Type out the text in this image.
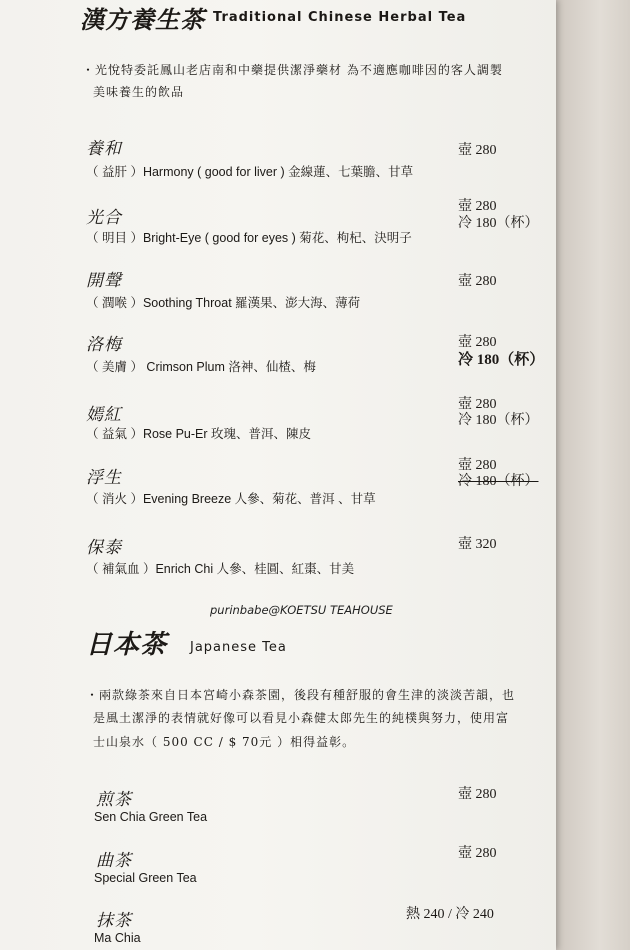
漢方養生茶 Traditional Chinese Herbal Tea
・光悅特委託鳳山老店南和中藥提供潔淨藥材 為不適應咖啡因的客人調製
美味養生的飲品
養和
（ 益肝 ）Harmony ( good for liver ) 金線蓮、七葉膽、甘草
壺 280
光合
（ 明目 ）Bright-Eye ( good for eyes ) 菊花、枸杞、決明子
壺 280
冷 180（杯）
開聲
（ 潤喉 ）Soothing Throat 羅漢果、澎大海、薄荷
壺 280
洛梅
（ 美膚 ） Crimson Plum 洛神、仙楂、梅
壺 280
冷 180（杯）
嫣紅
（ 益氣 ）Rose Pu-Er 玫瑰、普洱、陳皮
壺 280
冷 180（杯）
浮生
（ 消火 ）Evening Breeze 人參、菊花、普洱 、甘草
壺 280
冷 180（杯）
保泰
（ 補氣血 ）Enrich Chi 人參、桂圓、紅棗、甘美
壺 320
purinbabe@KOETSU TEAHOUSE
日本茶 Japanese Tea
・兩款綠茶來自日本宮崎小森茶園，後段有種舒服的會生津的淡淡苦韻，也
是風土潔淨的表情就好像可以看見小森健太郎先生的純樸與努力，使用富
士山泉水（ 500 CC / $ 70元 ）相得益彰。
煎茶
Sen Chia Green Tea
壺 280
曲茶
Special Green Tea
壺 280
抹茶
Ma Chia
熱 240 / 冷 240
